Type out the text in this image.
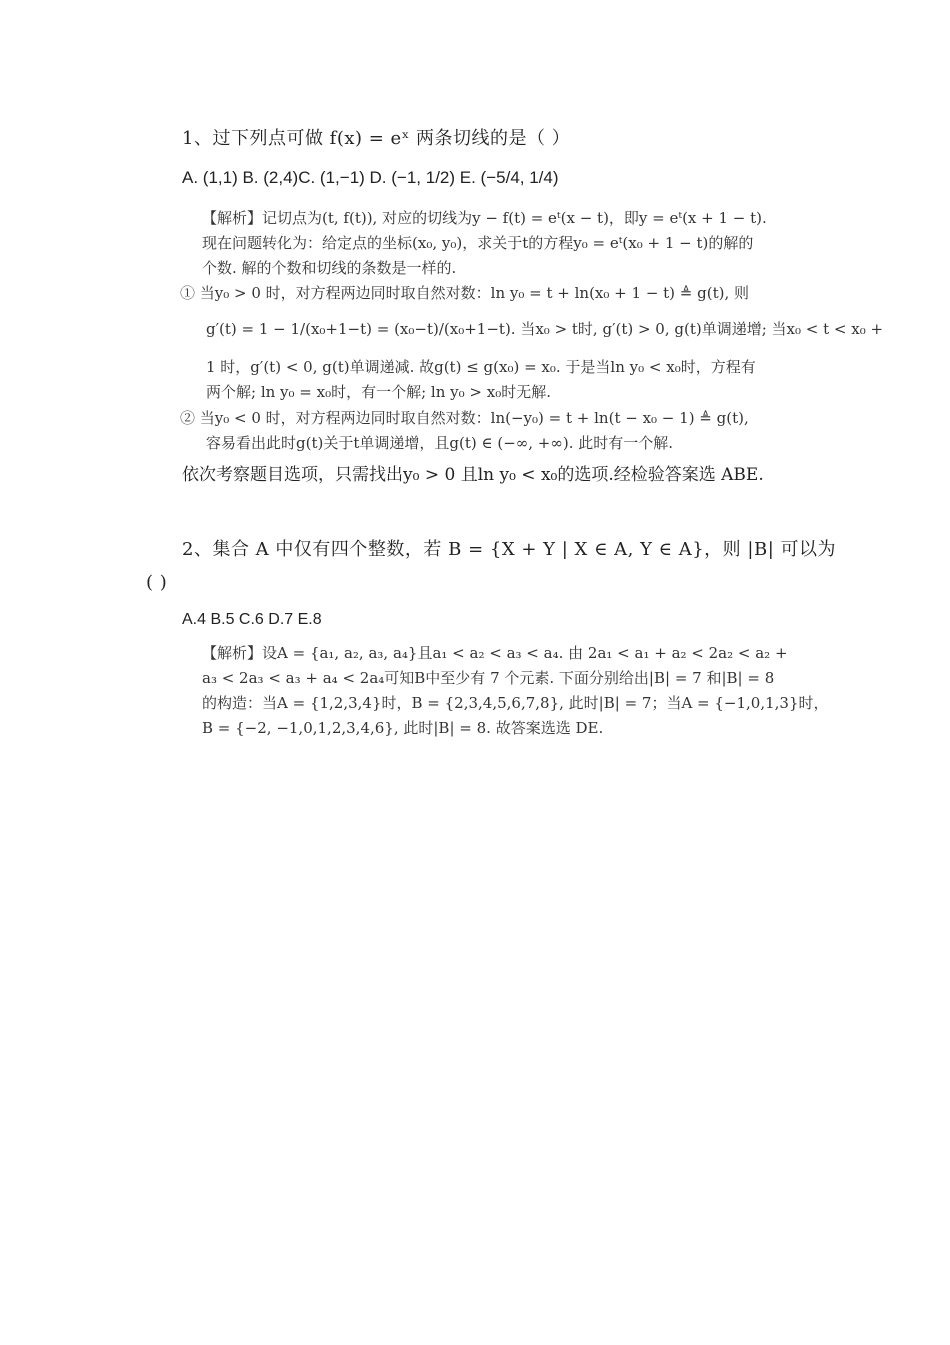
1、过下列点可做 f(x) = eˣ 两条切线的是（ ）
A. (1,1) B. (2,4)C. (1,−1) D. (−1, 1/2) E. (−5/4, 1/4)
【解析】记切点为(t, f(t)), 对应的切线为y − f(t) = eᵗ(x − t)，即y = eᵗ(x + 1 − t).
现在问题转化为：给定点的坐标(x₀, y₀)，求关于t的方程y₀ = eᵗ(x₀ + 1 − t)的解的
个数. 解的个数和切线的条数是一样的.
① 当y₀ > 0 时，对方程两边同时取自然对数：ln y₀ = t + ln(x₀ + 1 − t) ≜ g(t), 则
g′(t) = 1 − 1/(x₀+1−t) = (x₀−t)/(x₀+1−t). 当x₀ > t时, g′(t) > 0, g(t)单调递增; 当x₀ < t < x₀ +
1 时，g′(t) < 0, g(t)单调递减. 故g(t) ≤ g(x₀) = x₀. 于是当ln y₀ < x₀时，方程有
两个解; ln y₀ = x₀时，有一个解; ln y₀ > x₀时无解.
② 当y₀ < 0 时，对方程两边同时取自然对数：ln(−y₀) = t + ln(t − x₀ − 1) ≜ g(t),
容易看出此时g(t)关于t单调递增，且g(t) ∈ (−∞, +∞). 此时有一个解.
依次考察题目选项，只需找出y₀ > 0 且ln y₀ < x₀的选项.经检验答案选 ABE.
2、集合 A 中仅有四个整数，若 B = {X + Y | X ∈ A, Y ∈ A}，则 |B| 可以为
( )
A.4 B.5 C.6 D.7 E.8
【解析】设A = {a₁, a₂, a₃, a₄}且a₁ < a₂ < a₃ < a₄. 由 2a₁ < a₁ + a₂ < 2a₂ < a₂ +
a₃ < 2a₃ < a₃ + a₄ < 2a₄可知B中至少有 7 个元素. 下面分别给出|B| = 7 和|B| = 8
的构造：当A = {1,2,3,4}时，B = {2,3,4,5,6,7,8}, 此时|B| = 7；当A = {−1,0,1,3}时，
B = {−2, −1,0,1,2,3,4,6}, 此时|B| = 8. 故答案选选 DE.
